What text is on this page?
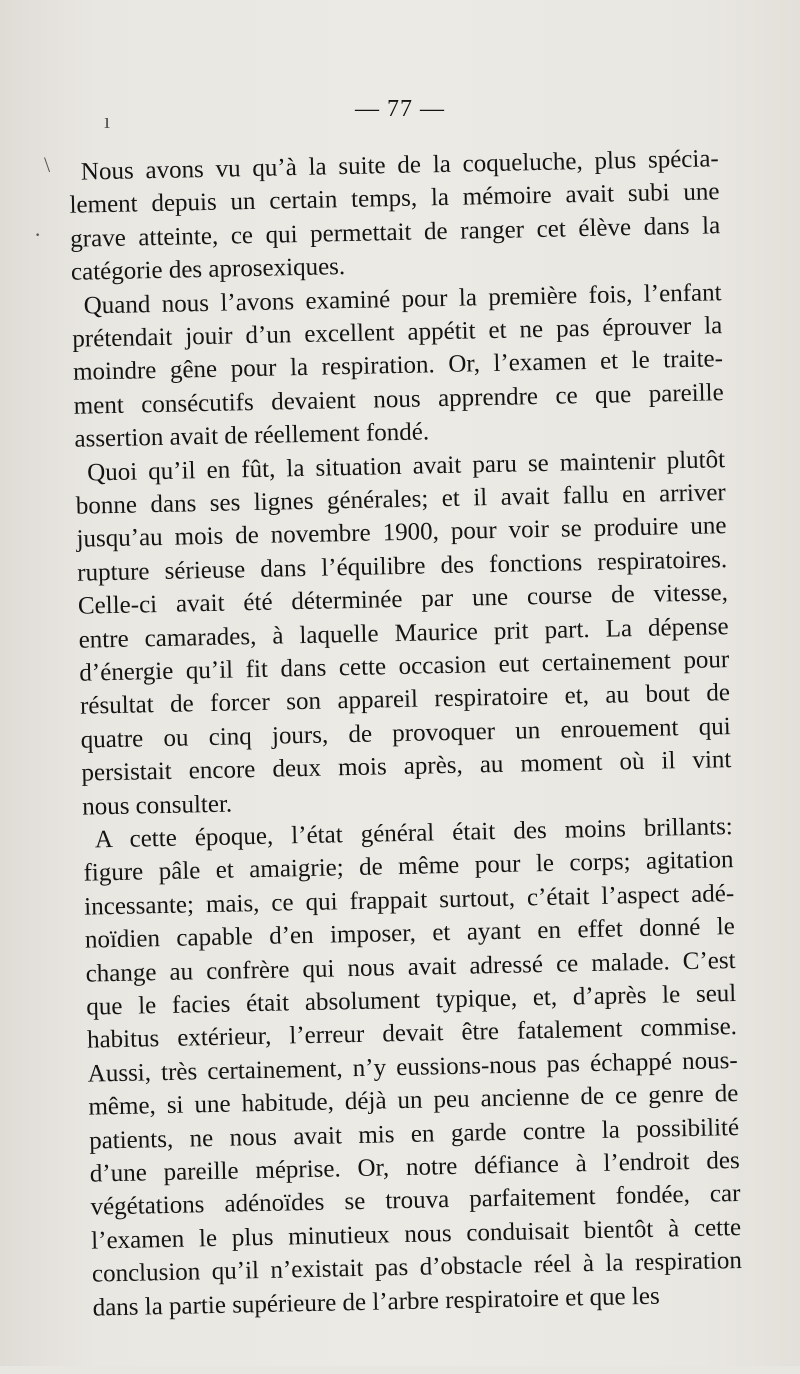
— 77 —
ı
\
·
Nous avons vu qu’à la suite de la coqueluche, plus spécia-
lement depuis un certain temps, la mémoire avait subi une
grave atteinte, ce qui permettait de ranger cet élève dans la
catégorie des aprosexiques.
Quand nous l’avons examiné pour la première fois, l’enfant
prétendait jouir d’un excellent appétit et ne pas éprouver la
moindre gêne pour la respiration. Or, l’examen et le traite-
ment consécutifs devaient nous apprendre ce que pareille
assertion avait de réellement fondé.
Quoi qu’il en fût, la situation avait paru se maintenir plutôt
bonne dans ses lignes générales; et il avait fallu en arriver
jusqu’au mois de novembre 1900, pour voir se produire une
rupture sérieuse dans l’équilibre des fonctions respiratoires.
Celle-ci avait été déterminée par une course de vitesse,
entre camarades, à laquelle Maurice prit part. La dépense
d’énergie qu’il fit dans cette occasion eut certainement pour
résultat de forcer son appareil respiratoire et, au bout de
quatre ou cinq jours, de provoquer un enrouement qui
persistait encore deux mois après, au moment où il vint
nous consulter.
A cette époque, l’état général était des moins brillants:
figure pâle et amaigrie; de même pour le corps; agitation
incessante; mais, ce qui frappait surtout, c’était l’aspect adé-
noïdien capable d’en imposer, et ayant en effet donné le
change au confrère qui nous avait adressé ce malade. C’est
que le facies était absolument typique, et, d’après le seul
habitus extérieur, l’erreur devait être fatalement commise.
Aussi, très certainement, n’y eussions-nous pas échappé nous-
même, si une habitude, déjà un peu ancienne de ce genre de
patients, ne nous avait mis en garde contre la possibilité
d’une pareille méprise. Or, notre défiance à l’endroit des
végétations adénoïdes se trouva parfaitement fondée, car
l’examen le plus minutieux nous conduisait bientôt à cette
conclusion qu’il n’existait pas d’obstacle réel à la respiration
dans la partie supérieure de l’arbre respiratoire et que les
